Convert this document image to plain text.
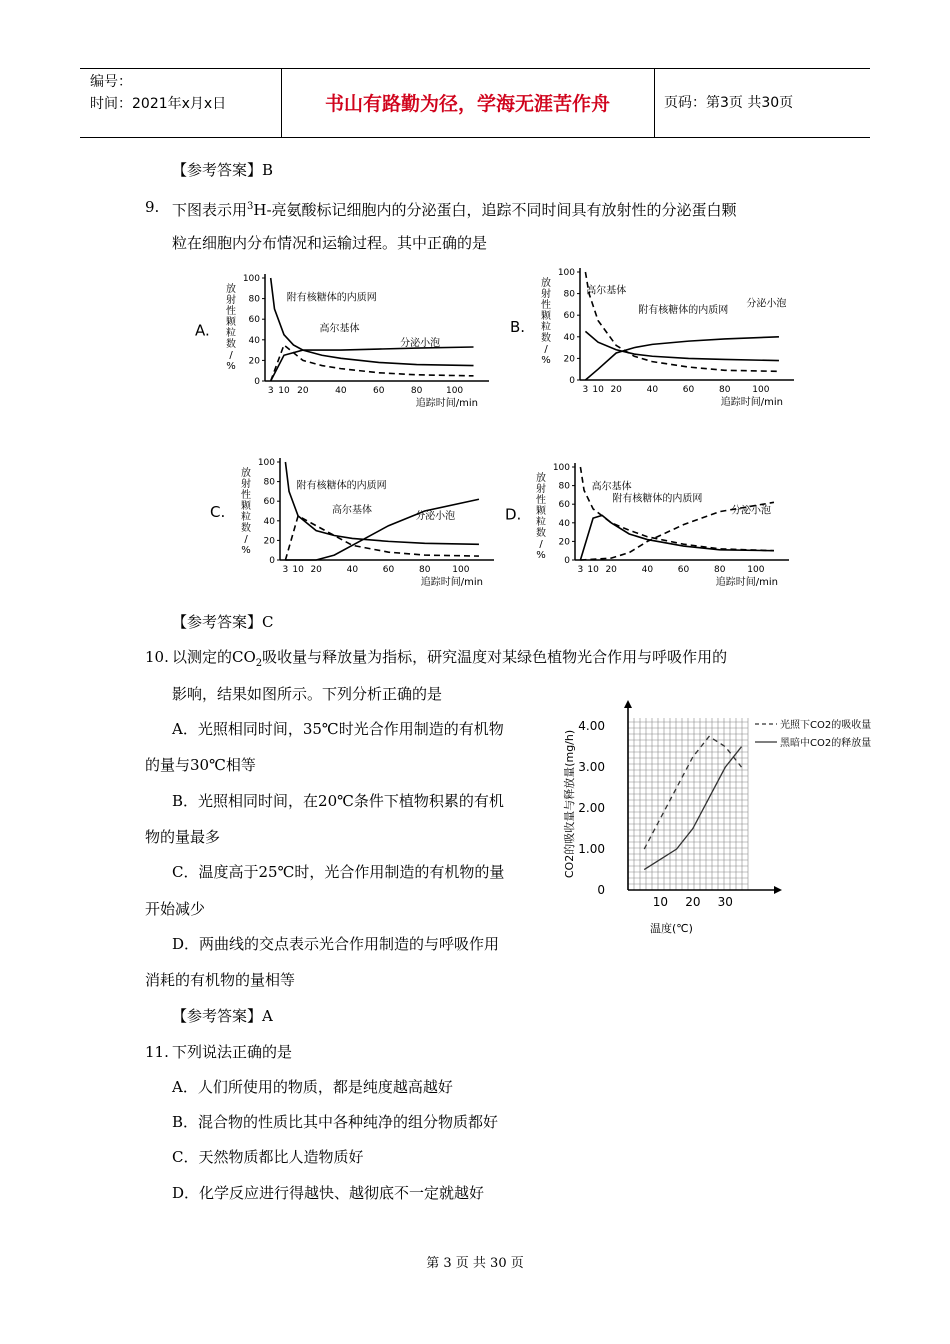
编号：
时间：2021年x月x日	书山有路勤为径，学海无涯苦作舟	页码：第3页 共30页
【参考答案】B
9. 下图表示用$^3$H-亮氨酸标记细胞内的分泌蛋白，追踪不同时间具有放射性的分泌蛋白颗
粒在细胞内分布情况和运输过程。其中正确的是
A.
放
射
性
颗
粒
数
/
%
100
80
60
40
20
0
3 10 20	40	60	80	100
追踪时间/min
附有核糖体的内质网
高尔基体
分泌小泡
B.
放
射
性
颗
粒
数
/
%
100
80
60
40
20
0
3 10 20	40	60	80 100
追踪时间/min
高尔基体
附有核糖体的内质网
分泌小泡
C.
放
射
性
颗
粒
数
/
%
100
80
60
40
20
0
3 10 20	40	60	80 100
追踪时间/min
附有核糖体的内质网
高尔基体
分泌小泡	D.
放
射
性
颗
粒
数
/
%
100
80
60
40
20
0
3 10 20	40	60	80 100
追踪时间/min
高尔基体
附有核糖体的内质网
分泌小泡
【参考答案】C
10. 以测定的$CO_2$吸收量与释放量为指标，研究温度对某绿色植物光合作用与呼吸作用的
影响，结果如图所示。下列分析正确的是
A．光照相同时间，35℃时光合作用制造的有机物
的量与30℃相等
B．光照相同时间，在20℃条件下植物积累的有机
物的量最多
C．温度高于25℃时，光合作用制造的有机物的量
开始减少
D．两曲线的交点表示光合作用制造的与呼吸作用
消耗的有机物的量相等
4.00
3.00
2.00
1.00
0
10 20 30
温度(℃)
CO2的吸收量与释放量(mg/h)
光照下CO2的吸收量
黑暗中CO2的释放量
【参考答案】A
11. 下列说法正确的是
A．人们所使用的物质，都是纯度越高越好
B．混合物的性质比其中各种纯净的组分物质都好
C．天然物质都比人造物质好
D．化学反应进行得越快、越彻底不一定就越好
第 3 页 共 30 页
